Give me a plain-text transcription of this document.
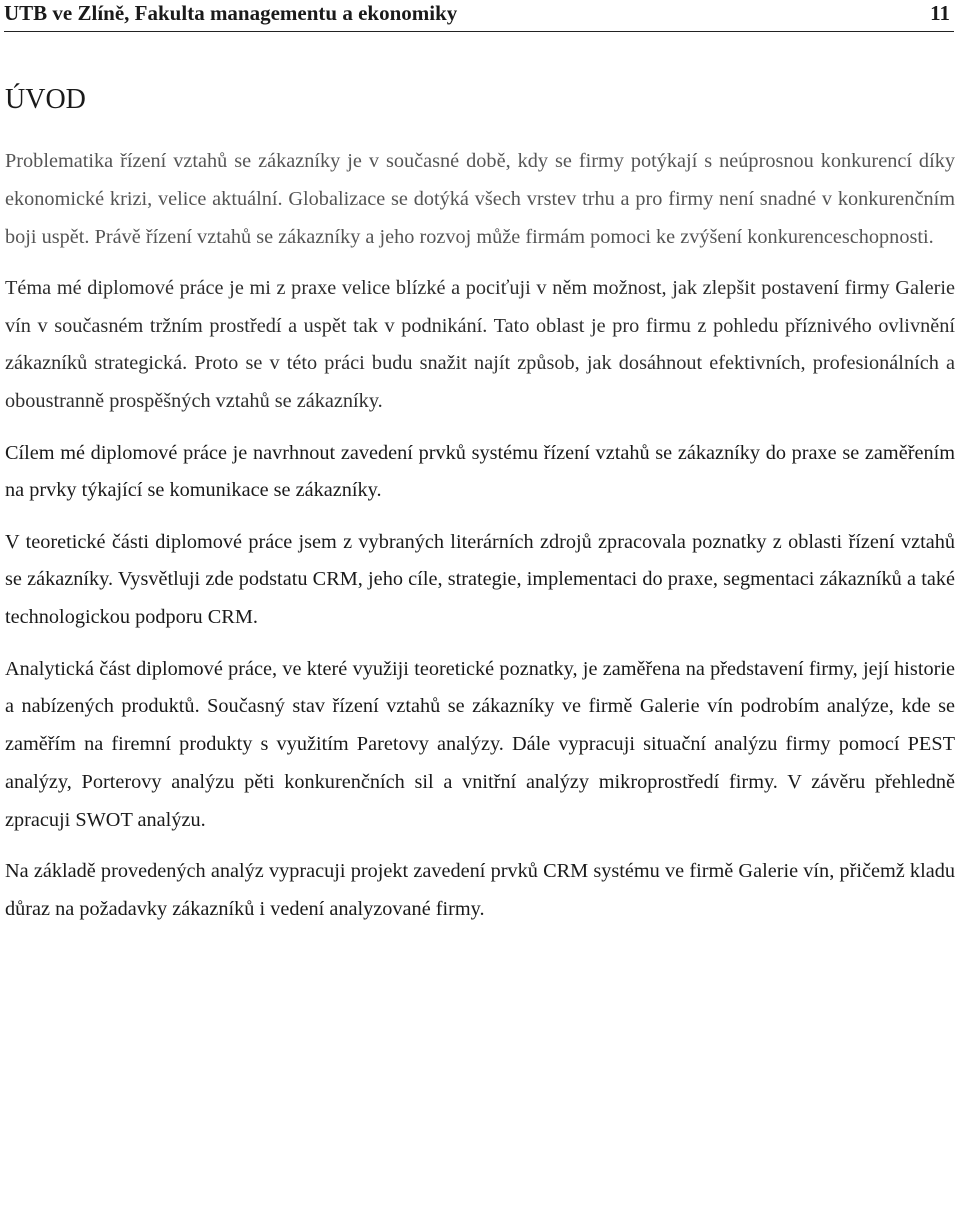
UTB ve Zlíně, Fakulta managementu a ekonomiky	11
ÚVOD

Problematika řízení vztahů se zákazníky je v současné době, kdy se firmy potýkají s neúprosnou konkurencí díky ekonomické krizi, velice aktuální. Globalizace se dotýká všech vrstev trhu a pro firmy není snadné v konkurenčním boji uspět. Právě řízení vztahů se zákazníky a jeho rozvoj může firmám pomoci ke zvýšení konkurenceschopnosti.

Téma mé diplomové práce je mi z praxe velice blízké a pociťuji v něm možnost, jak zlepšit postavení firmy Galerie vín v současném tržním prostředí a uspět tak v podnikání. Tato oblast je pro firmu z pohledu příznivého ovlivnění zákazníků strategická. Proto se v této práci budu snažit najít způsob, jak dosáhnout efektivních, profesionálních a oboustranně prospěšných vztahů se zákazníky.

Cílem mé diplomové práce je navrhnout zavedení prvků systému řízení vztahů se zákazníky do praxe se zaměřením na prvky týkající se komunikace se zákazníky.

V teoretické části diplomové práce jsem z vybraných literárních zdrojů zpracovala poznatky z oblasti řízení vztahů se zákazníky. Vysvětluji zde podstatu CRM, jeho cíle, strategie, implementaci do praxe, segmentaci zákazníků a také technologickou podporu CRM.

Analytická část diplomové práce, ve které využiji teoretické poznatky, je zaměřena na představení firmy, její historie a nabízených produktů. Současný stav řízení vztahů se zákazníky ve firmě Galerie vín podrobím analýze, kde se zaměřím na firemní produkty s využitím Paretovy analýzy. Dále vypracuji situační analýzu firmy pomocí PEST analýzy, Porterovy analýzu pěti konkurenčních sil a vnitřní analýzy mikroprostředí firmy. V závěru přehledně zpracuji SWOT analýzu.

Na základě provedených analýz vypracuji projekt zavedení prvků CRM systému ve firmě Galerie vín, přičemž kladu důraz na požadavky zákazníků i vedení analyzované firmy.
